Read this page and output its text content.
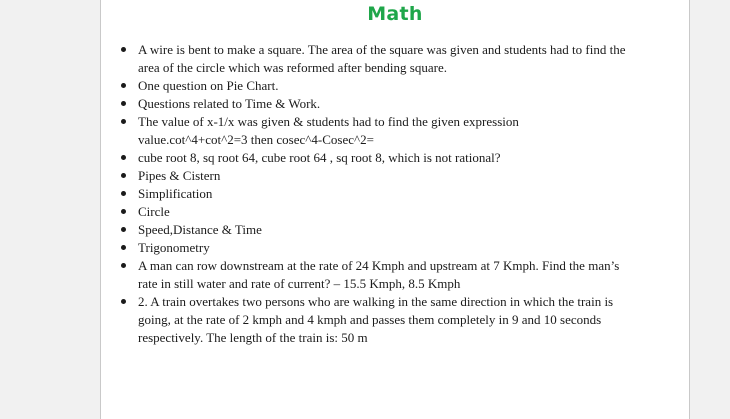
Math
A wire is bent to make a square. The area of the square was given and students had to find the area of the circle which was reformed after bending square.
One question on Pie Chart.
Questions related to Time & Work.
The value of x-1/x was given & students had to find the given expression value.cot^4+cot^2=3 then cosec^4-Cosec^2=
cube root 8, sq root 64, cube root 64 , sq root 8, which is not rational?
Pipes & Cistern
Simplification
Circle
Speed,Distance & Time
Trigonometry
A man can row downstream at the rate of 24 Kmph and upstream at 7 Kmph. Find the man’s rate in still water and rate of current? – 15.5 Kmph, 8.5 Kmph
2. A train overtakes two persons who are walking in the same direction in which the train is going, at the rate of 2 kmph and 4 kmph and passes them completely in 9 and 10 seconds respectively. The length of the train is: 50 m
